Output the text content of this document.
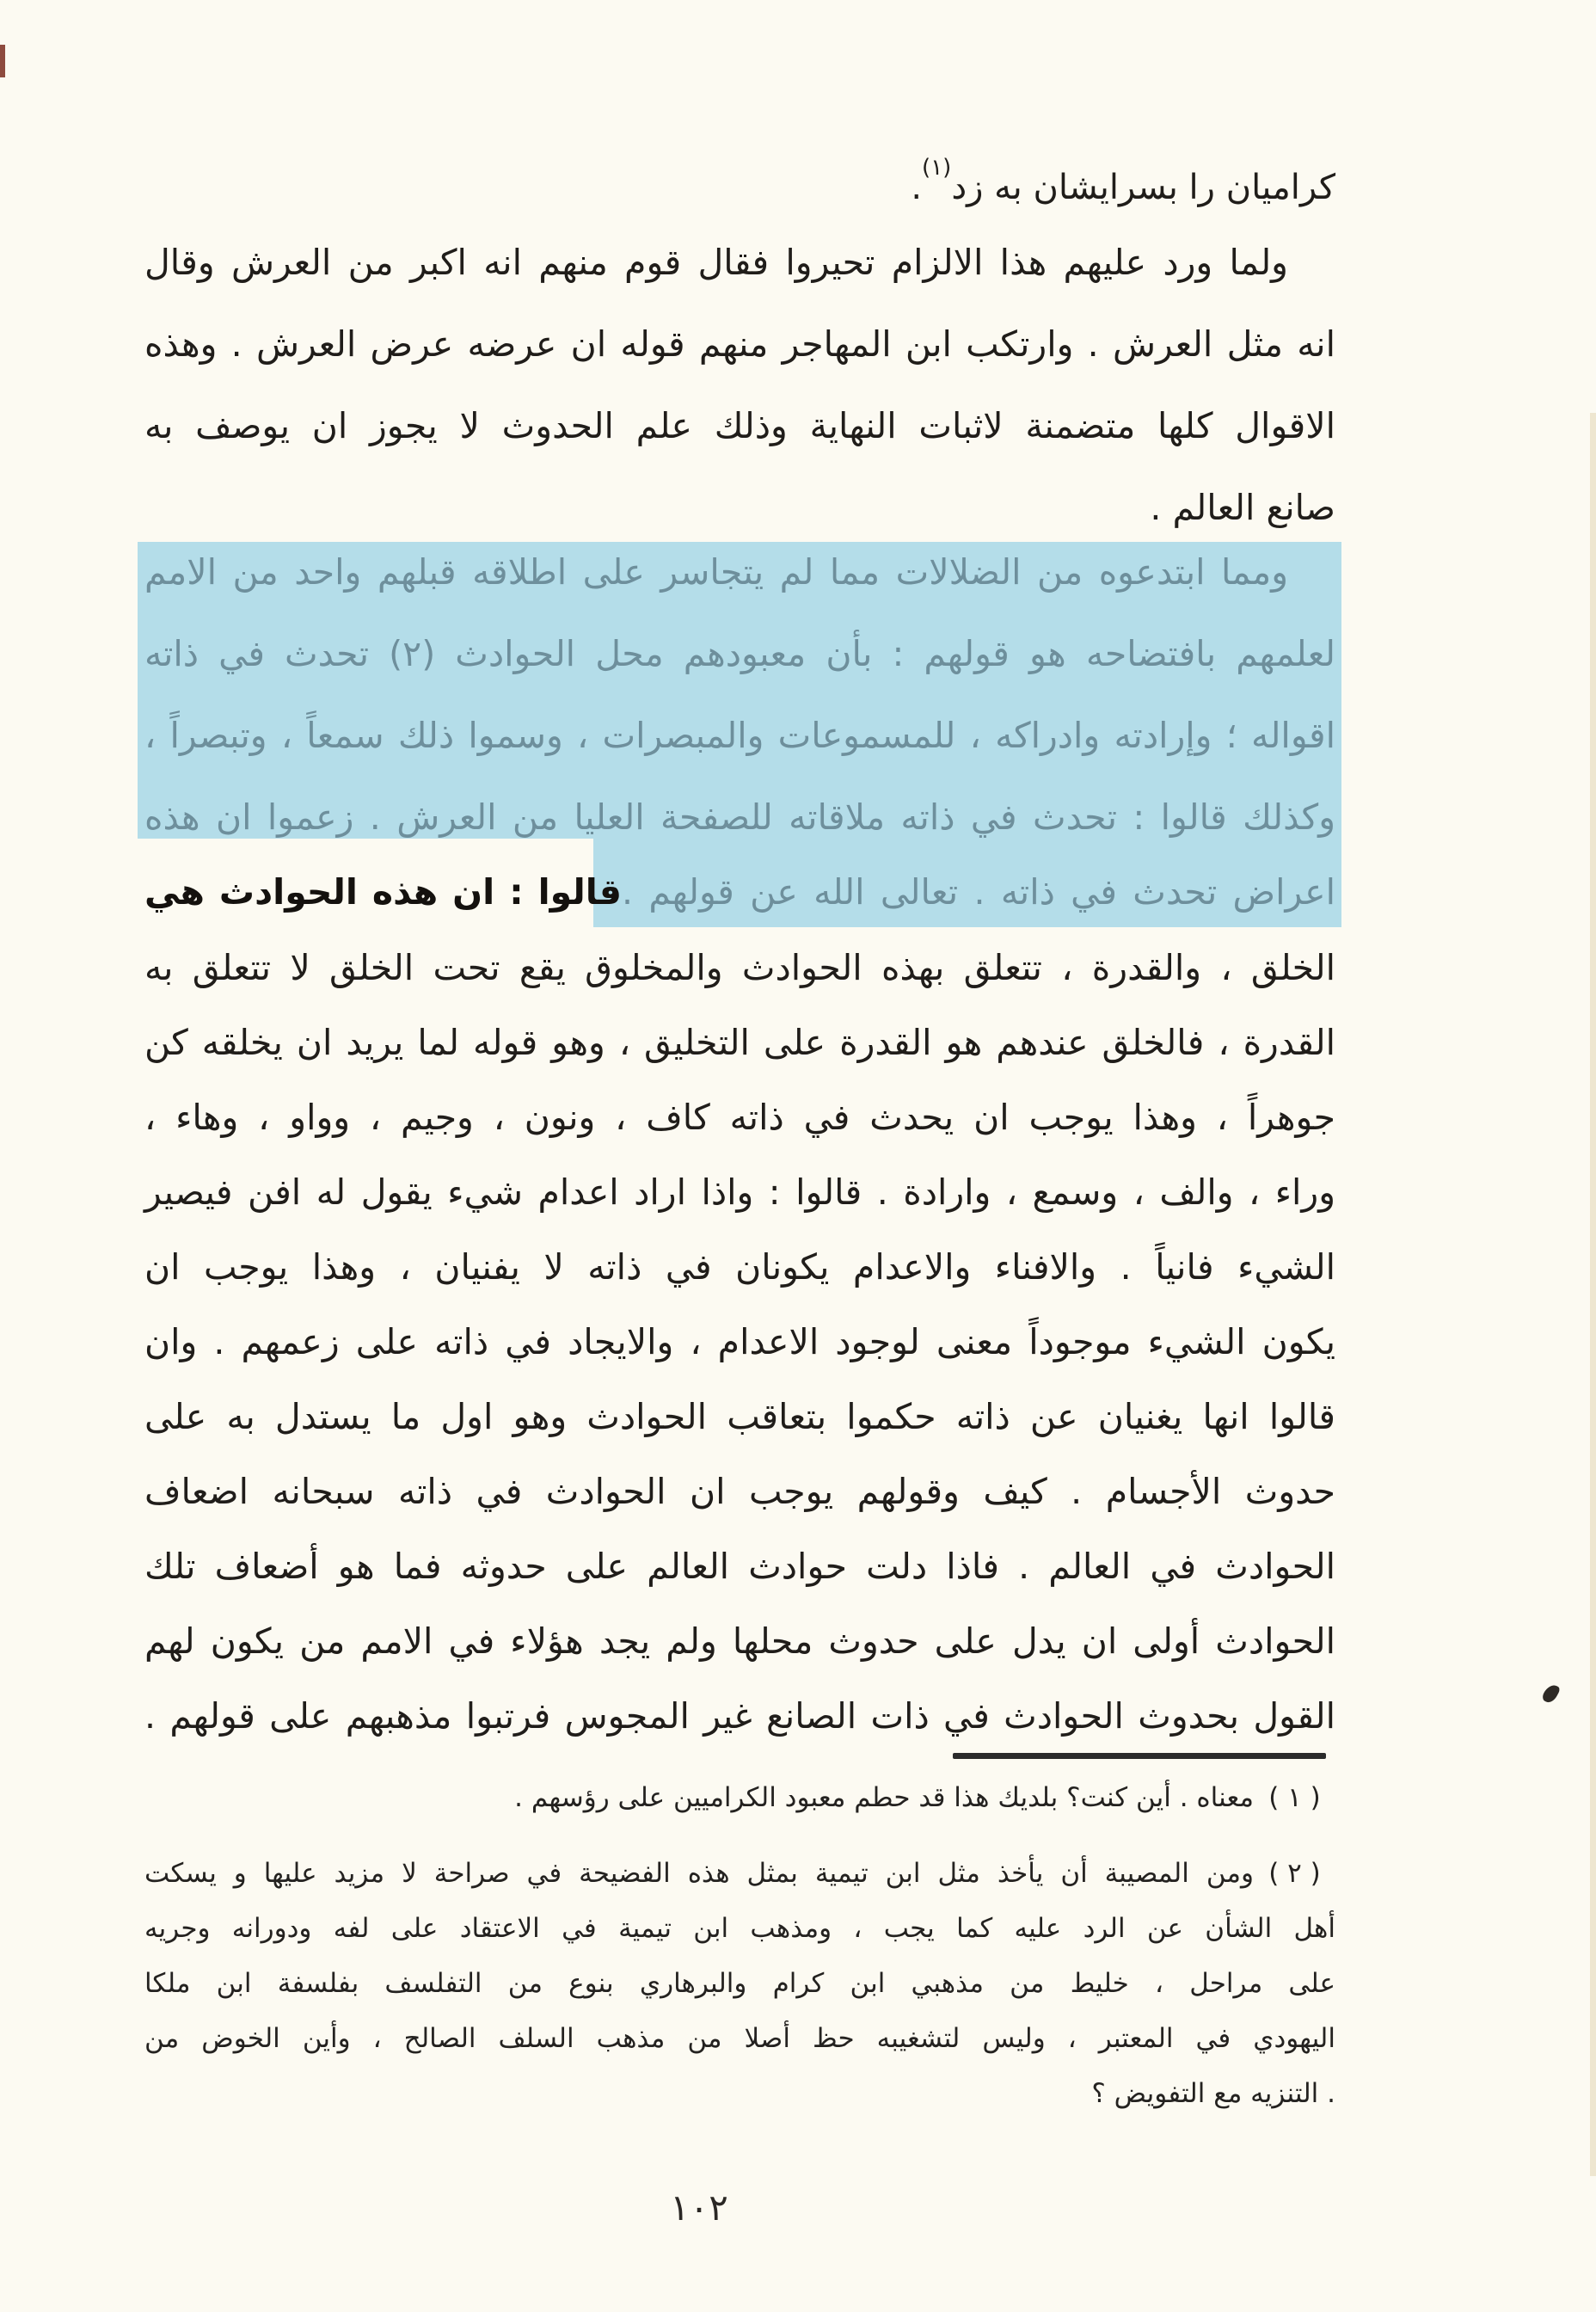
كراميان را بسرايشان به زد$^{(١)}$.
ولما ورد عليهم هذا الالزام تحيروا فقال قوم منهم انه اكبر من العرش وقال
انه مثل العرش . وارتكب ابن المهاجر منهم قوله ان عرضه عرض العرش . وهذه
الاقوال كلها متضمنة لاثبات النهاية وذلك علم الحدوث لا يجوز ان يوصف به
صانع العالم .
ومما ابتدعوه من الضلالات مما لم يتجاسر على اطلاقه قبلهم واحد من الامم
لعلمهم بافتضاحه هو قولهم : بأن معبودهم محل الحوادث (٢) تحدث في ذاته
اقواله ؛ وإرادته وادراكه ، للمسموعات والمبصرات ، وسموا ذلك سمعاً ، وتبصراً ،
وكذلك قالوا : تحدث في ذاته ملاقاته للصفحة العليا من العرش . زعموا ان هذه
اعراض تحدث في ذاته . تعالى الله عن قولهم .
قالوا : ان هذه الحوادث هي
الخلق ، والقدرة ، تتعلق بهذه الحوادث والمخلوق يقع تحت الخلق لا تتعلق به
القدرة ، فالخلق عندهم هو القدرة على التخليق ، وهو قوله لما يريد ان يخلقه كن
جوهراً ، وهذا يوجب ان يحدث في ذاته كاف ، ونون ، وجيم ، وواو ، وهاء ،
وراء ، والف ، وسمع ، وارادة . قالوا : واذا اراد اعدام شيء يقول له افن فيصير
الشيء فانياً . والافناء والاعدام يكونان في ذاته لا يفنيان ، وهذا يوجب ان
يكون الشيء موجوداً معنى لوجود الاعدام ، والايجاد في ذاته على زعمهم . وان
قالوا انها يغنيان عن ذاته حكموا بتعاقب الحوادث وهو اول ما يستدل به على
حدوث الأجسام . كيف وقولهم يوجب ان الحوادث في ذاته سبحانه اضعاف
الحوادث في العالم . فاذا دلت حوادث العالم على حدوثه فما هو أضعاف تلك
الحوادث أولى ان يدل على حدوث محلها ولم يجد هؤلاء في الامم من يكون لهم
القول بحدوث الحوادث في ذات الصانع غير المجوس فرتبوا مذهبهم على قولهم .
( ١ )
معناه . أين كنت؟ بلديك هذا قد حطم معبود الكراميين على رؤسهم .
( ٢ )
ومن المصيبة أن يأخذ مثل ابن تيمية بمثل هذه الفضيحة في صراحة لا مزيد عليها و يسكت
أهل الشأن عن الرد عليه كما يجب ، ومذهب ابن تيمية في الاعتقاد على لفه ودورانه وجريه
على مراحل ، خليط من مذهبي ابن كرام والبرهاري بنوع من التفلسف بفلسفة ابن ملكا
اليهودي في المعتبر ، وليس لتشغيبه حظ أصلا من مذهب السلف الصالح ، وأين الخوض من
. التنزيه مع التفويض ؟
١٠٢
